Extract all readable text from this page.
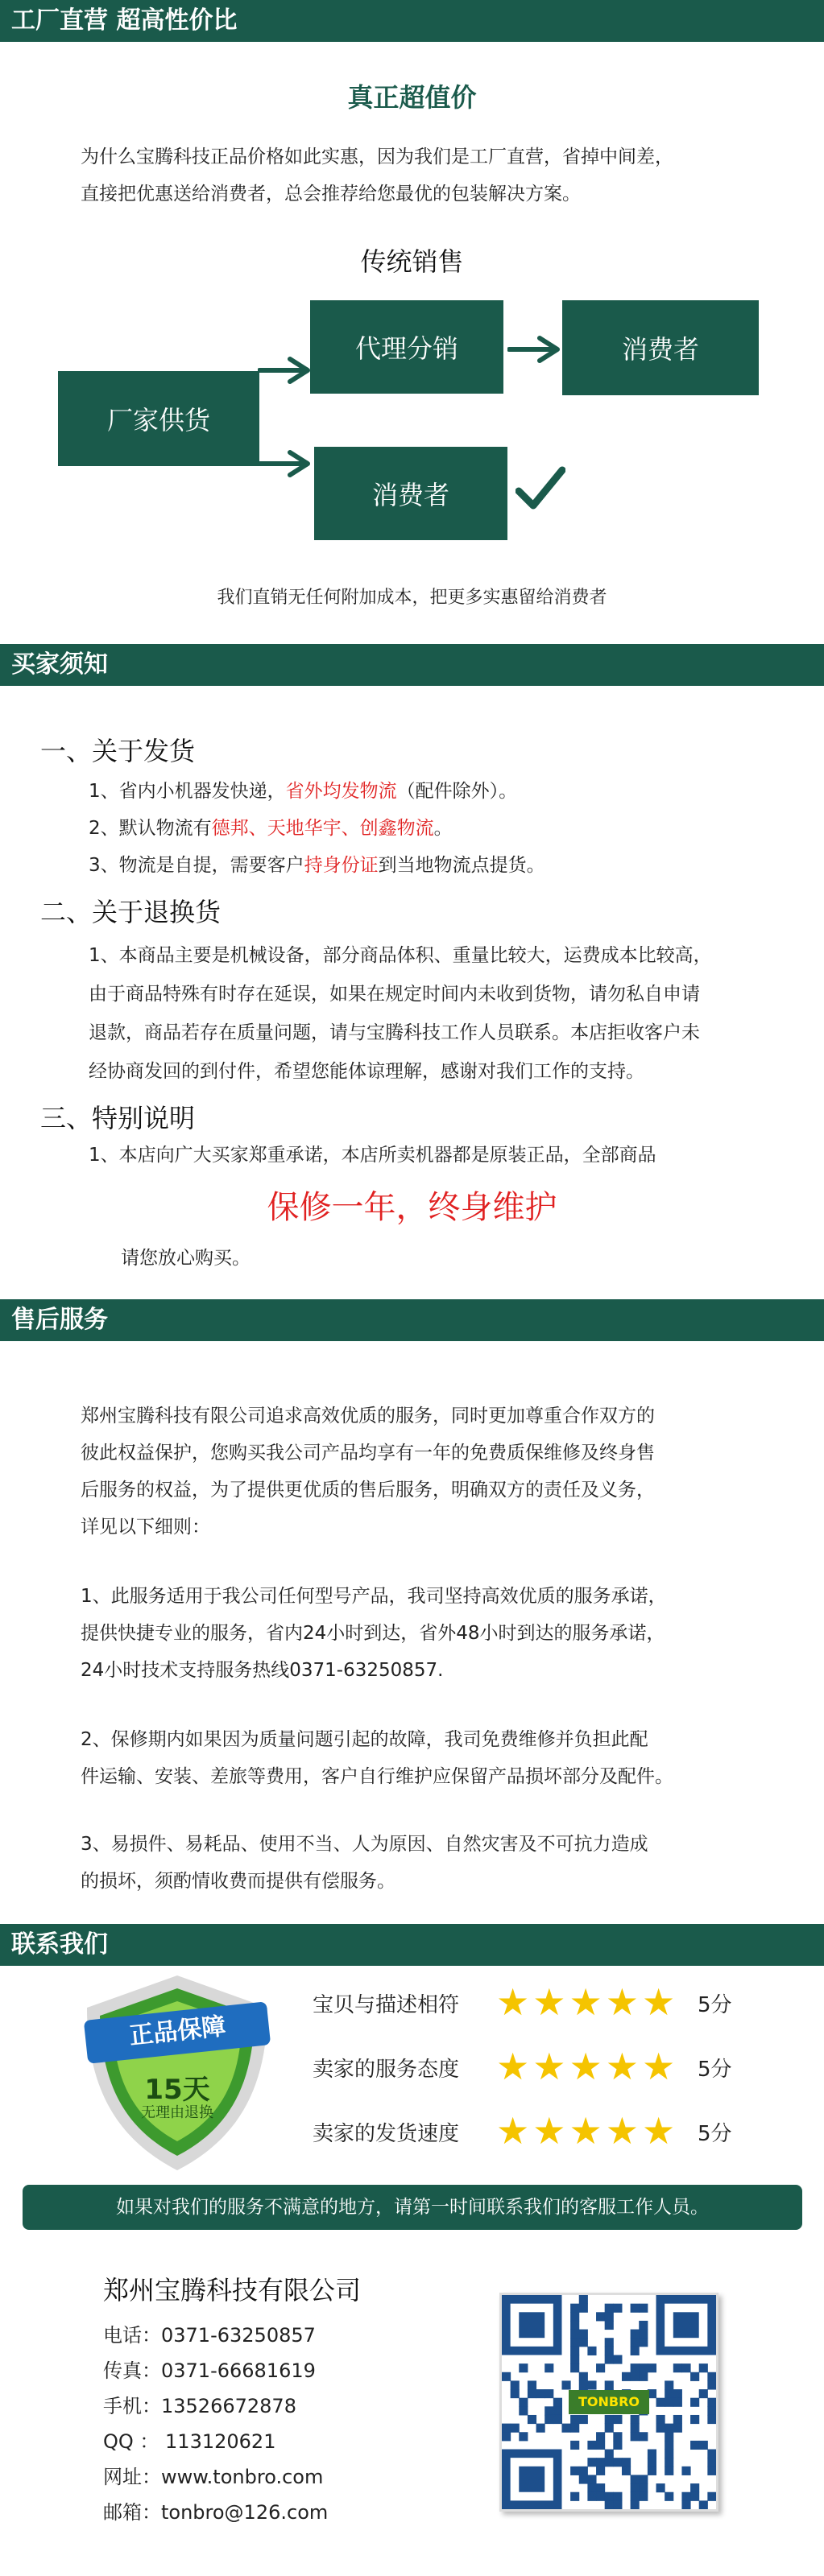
工厂直营 超高性价比
真正超值价
为什么宝腾科技正品价格如此实惠，因为我们是工厂直营，省掉中间差，
直接把优惠送给消费者，总会推荐给您最优的包装解决方案。
传统销售
厂家供货
代理分销	消费者
消费者
我们直销无任何附加成本，把更多实惠留给消费者
买家须知
一、关于发货
1、省内小机器发快递，省外均发物流（配件除外）。
2、默认物流有德邦、天地华宇、创鑫物流。
3、物流是自提，需要客户持身份证到当地物流点提货。
二、关于退换货
1、本商品主要是机械设备，部分商品体积、重量比较大，运费成本比较高，
由于商品特殊有时存在延误，如果在规定时间内未收到货物，请勿私自申请
退款，商品若存在质量问题，请与宝腾科技工作人员联系。本店拒收客户未
经协商发回的到付件，希望您能体谅理解，感谢对我们工作的支持。
三、特别说明
1、本店向广大买家郑重承诺，本店所卖机器都是原装正品，全部商品
保修一年，终身维护
请您放心购买。
售后服务
郑州宝腾科技有限公司追求高效优质的服务，同时更加尊重合作双方的
彼此权益保护，您购买我公司产品均享有一年的免费质保维修及终身售
后服务的权益，为了提供更优质的售后服务，明确双方的责任及义务，
详见以下细则：
1、此服务适用于我公司任何型号产品，我司坚持高效优质的服务承诺，
提供快捷专业的服务，省内24小时到达，省外48小时到达的服务承诺，
24小时技术支持服务热线0371-63250857.
2、保修期内如果因为质量问题引起的故障，我司免费维修并负担此配
件运输、安装、差旅等费用，客户自行维护应保留产品损坏部分及配件。
3、易损件、易耗品、使用不当、人为原因、自然灾害及不可抗力造成
的损坏，须酌情收费而提供有偿服务。
联系我们
正品保障
15天
无理由退换
宝贝与描述相符 ★★★★★ 5分
卖家的服务态度 ★★★★★ 5分
卖家的发货速度 ★★★★★ 5分
如果对我们的服务不满意的地方，请第一时间联系我们的客服工作人员。
郑州宝腾科技有限公司
电话：0371-63250857
传真：0371-66681619
手机：13526672878
QQ ： 113120621
网址：www.tonbro.com
邮箱：tonbro@126.com
TONBRO
